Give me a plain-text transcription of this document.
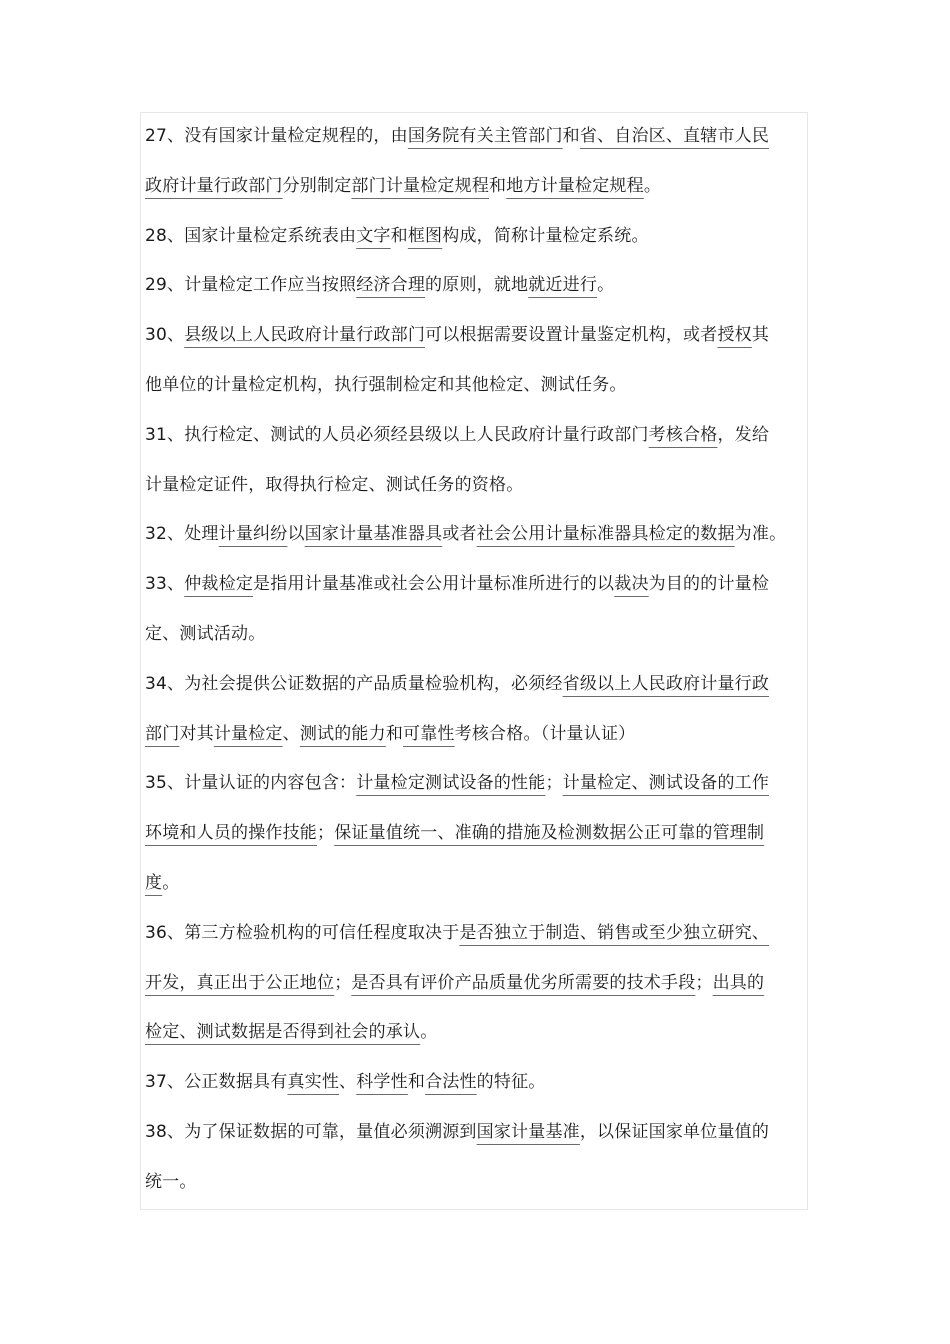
27、没有国家计量检定规程的，由国务院有关主管部门和省、自治区、直辖市人民
政府计量行政部门分别制定部门计量检定规程和地方计量检定规程。
28、国家计量检定系统表由文字和框图构成，简称计量检定系统。
29、计量检定工作应当按照经济合理的原则，就地就近进行。
30、县级以上人民政府计量行政部门可以根据需要设置计量鉴定机构，或者授权其
他单位的计量检定机构，执行强制检定和其他检定、测试任务。
31、执行检定、测试的人员必须经县级以上人民政府计量行政部门考核合格，发给
计量检定证件，取得执行检定、测试任务的资格。
32、处理计量纠纷以国家计量基准器具或者社会公用计量标准器具检定的数据为准。
33、仲裁检定是指用计量基准或社会公用计量标准所进行的以裁决为目的的计量检
定、测试活动。
34、为社会提供公证数据的产品质量检验机构，必须经省级以上人民政府计量行政
部门对其计量检定、测试的能力和可靠性考核合格。（计量认证）
35、计量认证的内容包含：计量检定测试设备的性能；计量检定、测试设备的工作
环境和人员的操作技能；保证量值统一、准确的措施及检测数据公正可靠的管理制
度。
36、第三方检验机构的可信任程度取决于是否独立于制造、销售或至少独立研究、
开发，真正出于公正地位；是否具有评价产品质量优劣所需要的技术手段；出具的
检定、测试数据是否得到社会的承认。
37、公正数据具有真实性、科学性和合法性的特征。
38、为了保证数据的可靠，量值必须溯源到国家计量基准，以保证国家单位量值的
统一。
